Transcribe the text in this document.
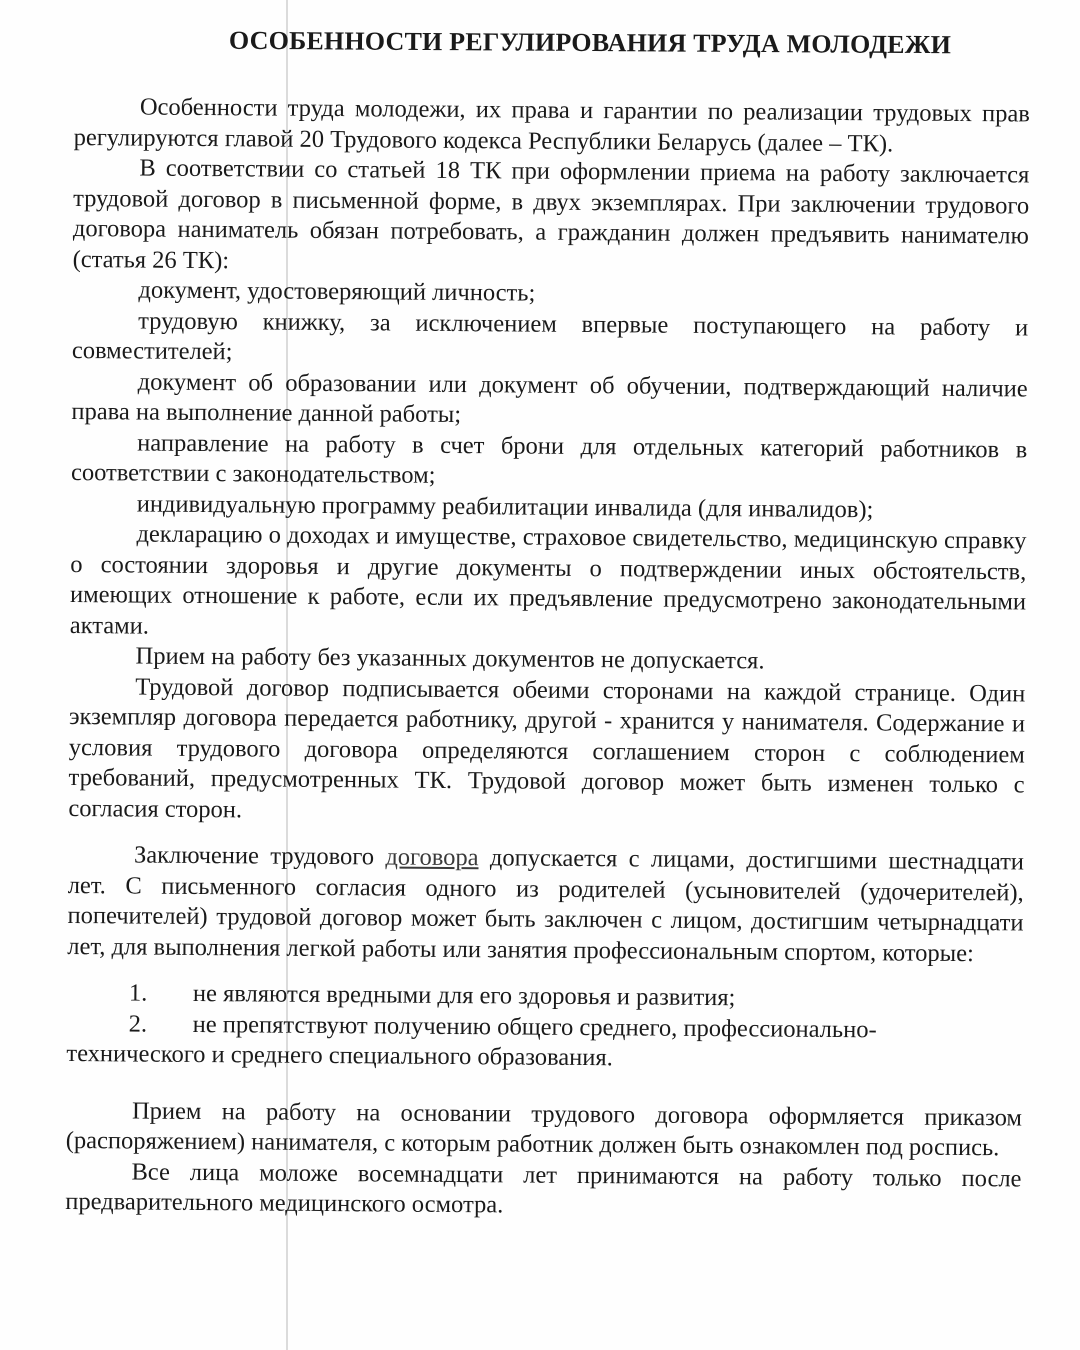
ОСОБЕННОСТИ РЕГУЛИРОВАНИЯ ТРУДА МОЛОДЕЖИ

Особенности труда молодежи, их права и гарантии по реализации трудовых прав регулируются главой 20 Трудового кодекса Республики Беларусь (далее – ТК).

В соответствии со статьей 18 ТК при оформлении приема на работу заключается трудовой договор в письменной форме, в двух экземплярах. При заключении трудового договора наниматель обязан потребовать, а гражданин должен предъявить нанимателю (статья 26 ТК):

документ, удостоверяющий личность;

трудовую книжку, за исключением впервые поступающего на работу и совместителей;

документ об образовании или документ об обучении, подтверждающий наличие права на выполнение данной работы;

направление на работу в счет брони для отдельных категорий работников в соответствии с законодательством;

индивидуальную программу реабилитации инвалида (для инвалидов);

декларацию о доходах и имуществе, страховое свидетельство, медицинскую справку о состоянии здоровья и другие документы о подтверждении иных обстоятельств, имеющих отношение к работе, если их предъявление предусмотрено законодательными актами.

Прием на работу без указанных документов не допускается.

Трудовой договор подписывается обеими сторонами на каждой странице. Один экземпляр договора передается работнику, другой - хранится у нанимателя. Содержание и условия трудового договора определяются соглашением сторон с соблюдением требований, предусмотренных ТК. Трудовой договор может быть изменен только с согласия сторон.

Заключение трудового договора допускается с лицами, достигшими шестнадцати лет. С письменного согласия одного из родителей (усыновителей (удочерителей), попечителей) трудовой договор может быть заключен с лицом, достигшим четырнадцати лет, для выполнения легкой работы или занятия профессиональным спортом, которые:

1.	не являются вредными для его здоровья и развития;
2.	не препятствуют получению общего среднего, профессионально-

технического и среднего специального образования.

Прием на работу на основании трудового договора оформляется приказом (распоряжением) нанимателя, с которым работник должен быть ознакомлен под роспись.

Все лица моложе восемнадцати лет принимаются на работу только после предварительного медицинского осмотра.
